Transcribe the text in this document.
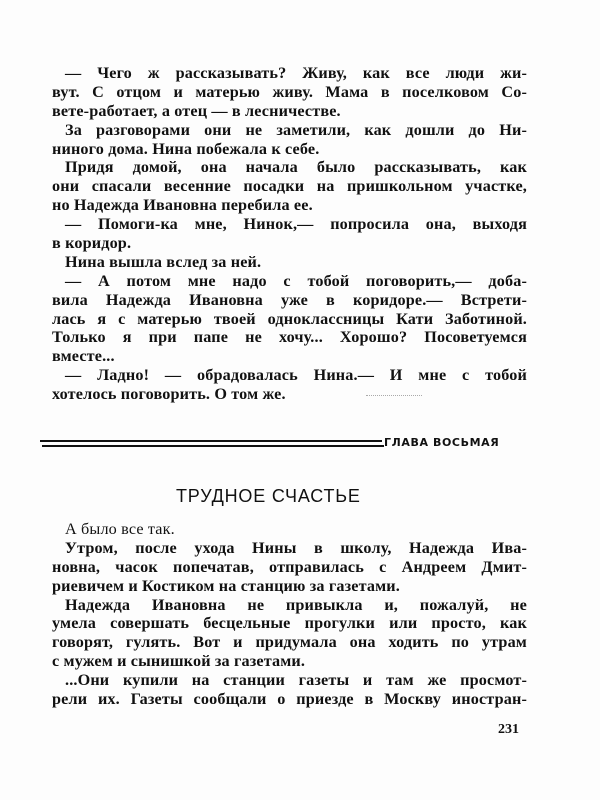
— Чего ж рассказывать? Живу, как все люди жи-
вут. С отцом и матерью живу. Мама в поселковом Со-
вете-работает, а отец — в лесничестве.
За разговорами они не заметили, как дошли до Ни-
ниного дома. Нина побежала к себе.
Придя домой, она начала было рассказывать, как
они спасали весенние посадки на пришкольном участке,
но Надежда Ивановна перебила ее.
— Помоги-ка мне, Нинок,— попросила она, выходя
в коридор.
Нина вышла вслед за ней.
— А потом мне надо с тобой поговорить,— доба-
вила Надежда Ивановна уже в коридоре.— Встрети-
лась я с матерью твоей одноклассницы Кати Заботиной.
Только я при папе не хочу... Хорошо? Посоветуемся
вместе...
— Ладно! — обрадовалась Нина.— И мне с тобой
хотелось поговорить. О том же.
ГЛАВА ВОСЬМАЯ
ТРУДНОЕ СЧАСТЬЕ
А было все так.
Утром, после ухода Нины в школу, Надежда Ива-
новна, часок попечатав, отправилась с Андреем Дмит-
риевичем и Костиком на станцию за газетами.
Надежда Ивановна не привыкла и, пожалуй, не
умела совершать бесцельные прогулки или просто, как
говорят, гулять. Вот и придумала она ходить по утрам
с мужем и сынишкой за газетами.
...Они купили на станции газеты и там же просмот-
рели их. Газеты сообщали о приезде в Москву иностран-
231
